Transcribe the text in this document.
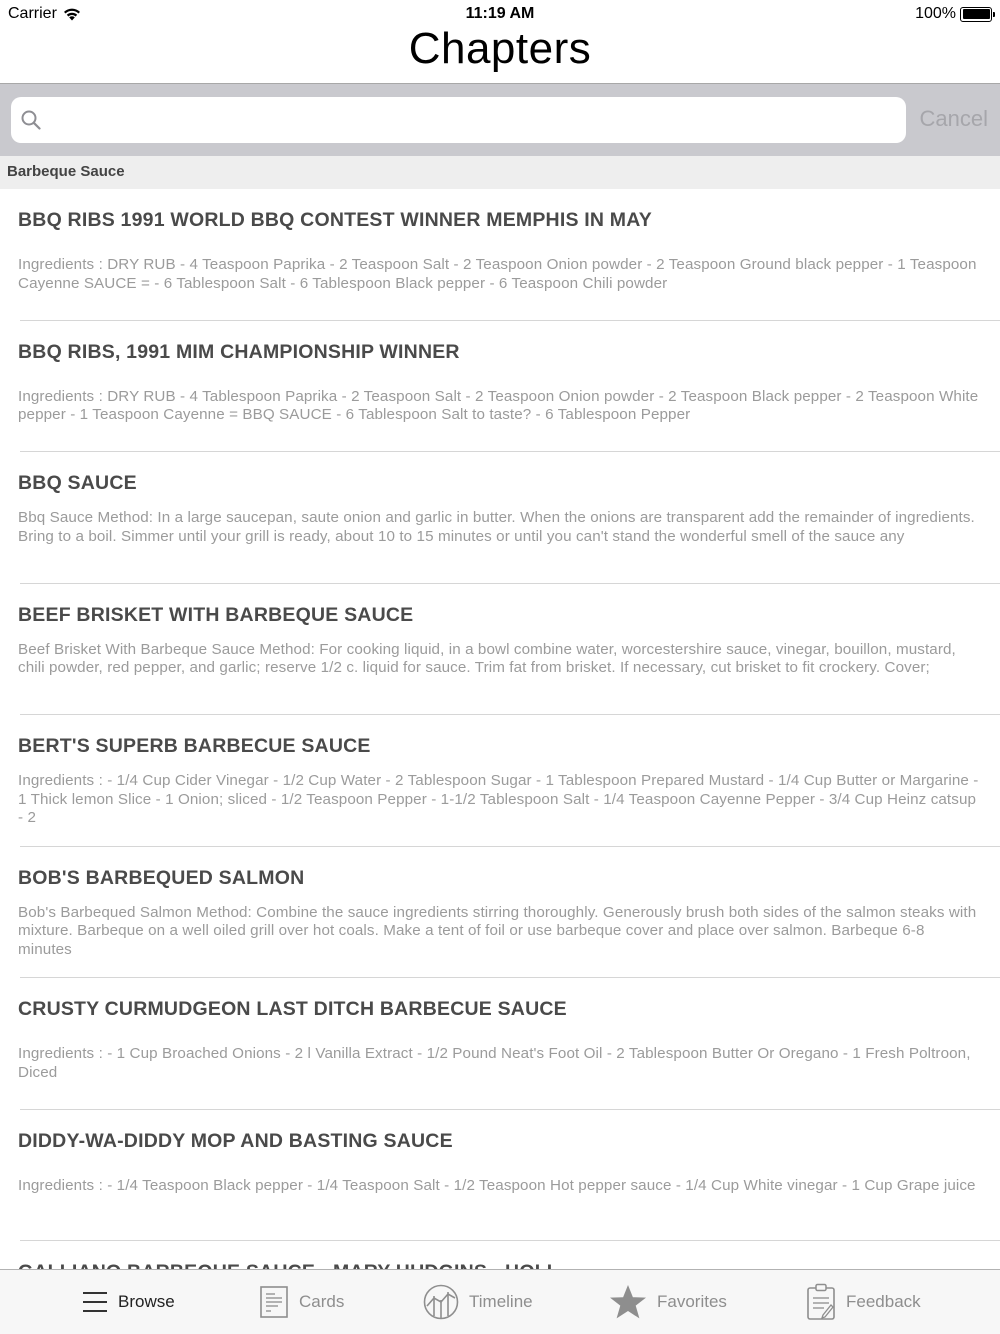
Carrier	11:19 AM	100%
Chapters
Cancel
Barbeque Sauce
BBQ RIBS 1991 WORLD BBQ CONTEST WINNER MEMPHIS IN MAY
Ingredients : DRY RUB - 4 Teaspoon Paprika - 2 Teaspoon Salt - 2 Teaspoon Onion powder - 2 Teaspoon Ground black pepper - 1 Teaspoon Cayenne SAUCE = - 6 Tablespoon Salt - 6 Tablespoon Black pepper - 6 Teaspoon Chili powder
BBQ RIBS, 1991 MIM CHAMPIONSHIP WINNER
Ingredients : DRY RUB - 4 Tablespoon Paprika - 2 Teaspoon Salt - 2 Teaspoon Onion powder - 2 Teaspoon Black pepper - 2 Teaspoon White pepper - 1 Teaspoon Cayenne = BBQ SAUCE - 6 Tablespoon Salt to taste? - 6 Tablespoon Pepper
BBQ SAUCE
Bbq Sauce Method: In a large saucepan, saute onion and garlic in butter. When the onions are transparent add the remainder of ingredients. Bring to a boil. Simmer until your grill is ready, about 10 to 15 minutes or until you can't stand the wonderful smell of the sauce any
BEEF BRISKET WITH BARBEQUE SAUCE
Beef Brisket With Barbeque Sauce Method: For cooking liquid, in a bowl combine water, worcestershire sauce, vinegar, bouillon, mustard, chili powder, red pepper, and garlic; reserve 1/2 c. liquid for sauce. Trim fat from brisket. If necessary, cut brisket to fit crockery. Cover;
BERT'S SUPERB BARBECUE SAUCE
Ingredients : - 1/4 Cup Cider Vinegar - 1/2 Cup Water - 2 Tablespoon Sugar - 1 Tablespoon Prepared Mustard - 1/4 Cup Butter or Margarine - 1 Thick lemon Slice - 1 Onion; sliced - 1/2 Teaspoon Pepper - 1-1/2 Tablespoon Salt - 1/4 Teaspoon Cayenne Pepper - 3/4 Cup Heinz catsup - 2
BOB'S BARBEQUED SALMON
Bob's Barbequed Salmon Method: Combine the sauce ingredients stirring thoroughly. Generously brush both sides of the salmon steaks with mixture. Barbeque on a well oiled grill over hot coals. Make a tent of foil or use barbeque cover and place over salmon. Barbeque 6-8 minutes
CRUSTY CURMUDGEON LAST DITCH BARBECUE SAUCE
Ingredients : - 1 Cup Broached Onions - 2 l Vanilla Extract - 1/2 Pound Neat's Foot Oil - 2 Tablespoon Butter Or Oregano - 1 Fresh Poltroon, Diced
DIDDY-WA-DIDDY MOP AND BASTING SAUCE
Ingredients : - 1/4 Teaspoon Black pepper - 1/4 Teaspoon Salt - 1/2 Teaspoon Hot pepper sauce - 1/4 Cup White vinegar - 1 Cup Grape juice
Browse	Cards	Timeline	Favorites	Feedback
